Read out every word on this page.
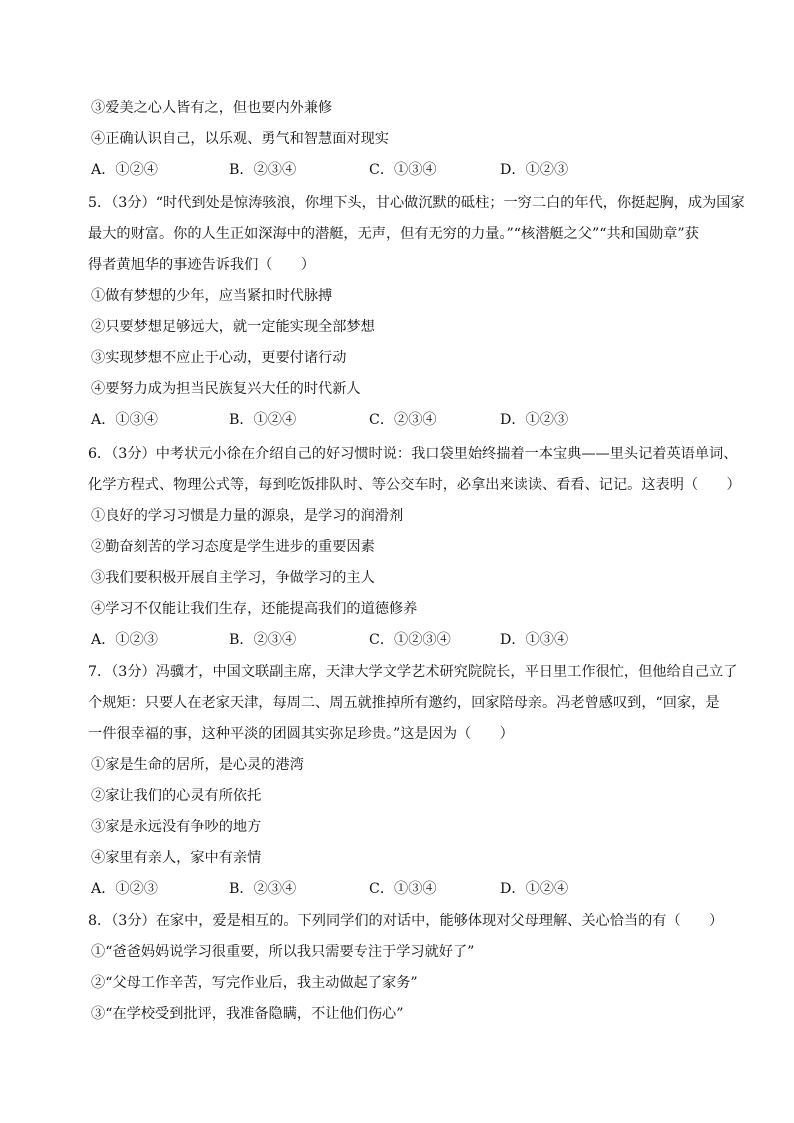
③爱美之心人皆有之，但也要内外兼修
④正确认识自己，以乐观、勇气和智慧面对现实
A．①②④	B．②③④	C．①③④	D．①②③
5．（3分）“时代到处是惊涛骇浪，你埋下头，甘心做沉默的砥柱；一穷二白的年代，你挺起胸，成为国家
最大的财富。你的人生正如深海中的潜艇，无声，但有无穷的力量。”“核潜艇之父”“共和国勋章”获
得者黄旭华的事迹告诉我们（　　）
①做有梦想的少年，应当紧扣时代脉搏
②只要梦想足够远大，就一定能实现全部梦想
③实现梦想不应止于心动，更要付诸行动
④要努力成为担当民族复兴大任的时代新人
A．①③④	B．①②④	C．②③④	D．①②③
6．（3分）中考状元小徐在介绍自己的好习惯时说：我口袋里始终揣着一本宝典——里头记着英语单词、
化学方程式、物理公式等，每到吃饭排队时、等公交车时，必拿出来读读、看看、记记。这表明（　　）
①良好的学习习惯是力量的源泉，是学习的润滑剂
②勤奋刻苦的学习态度是学生进步的重要因素
③我们要积极开展自主学习，争做学习的主人
④学习不仅能让我们生存，还能提高我们的道德修养
A．①②③	B．②③④	C．①②③④	D．①③④
7．（3分）冯骥才，中国文联副主席，天津大学文学艺术研究院院长，平日里工作很忙，但他给自己立了
个规矩：只要人在老家天津，每周二、周五就推掉所有邀约，回家陪母亲。冯老曾感叹到，“回家，是
一件很幸福的事，这种平淡的团圆其实弥足珍贵。”这是因为（　　）
①家是生命的居所，是心灵的港湾
②家让我们的心灵有所依托
③家是永远没有争吵的地方
④家里有亲人，家中有亲情
A．①②③	B．②③④	C．①③④	D．①②④
8．（3分）在家中，爱是相互的。下列同学们的对话中，能够体现对父母理解、关心恰当的有（　　）
①“爸爸妈妈说学习很重要，所以我只需要专注于学习就好了”
②“父母工作辛苦，写完作业后，我主动做起了家务”
③“在学校受到批评，我准备隐瞒，不让他们伤心”
